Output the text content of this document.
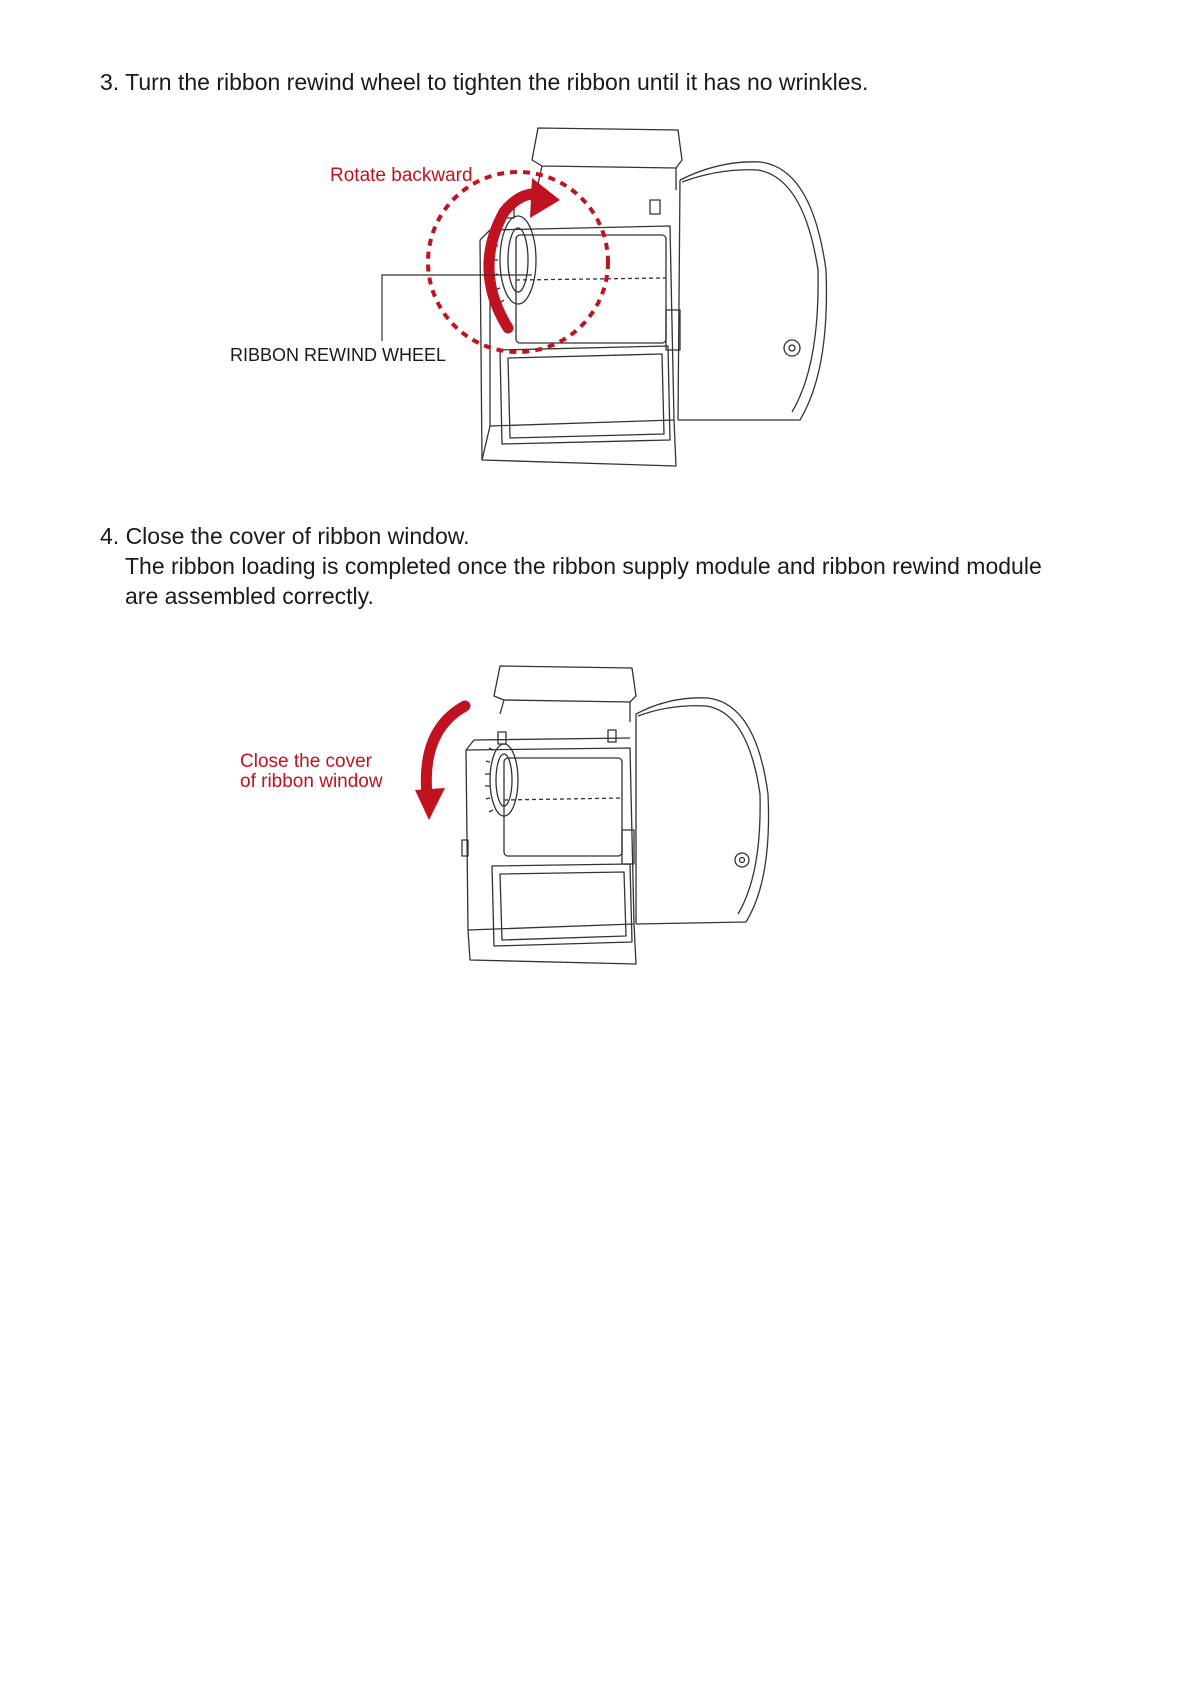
3. Turn the ribbon rewind wheel to tighten the ribbon until it has no wrinkles.

Rotate backward
RIBBON REWIND WHEEL

4. Close the cover of ribbon window.

The ribbon loading is completed once the ribbon supply module and ribbon rewind module

are assembled correctly.

Close the cover
of ribbon window
